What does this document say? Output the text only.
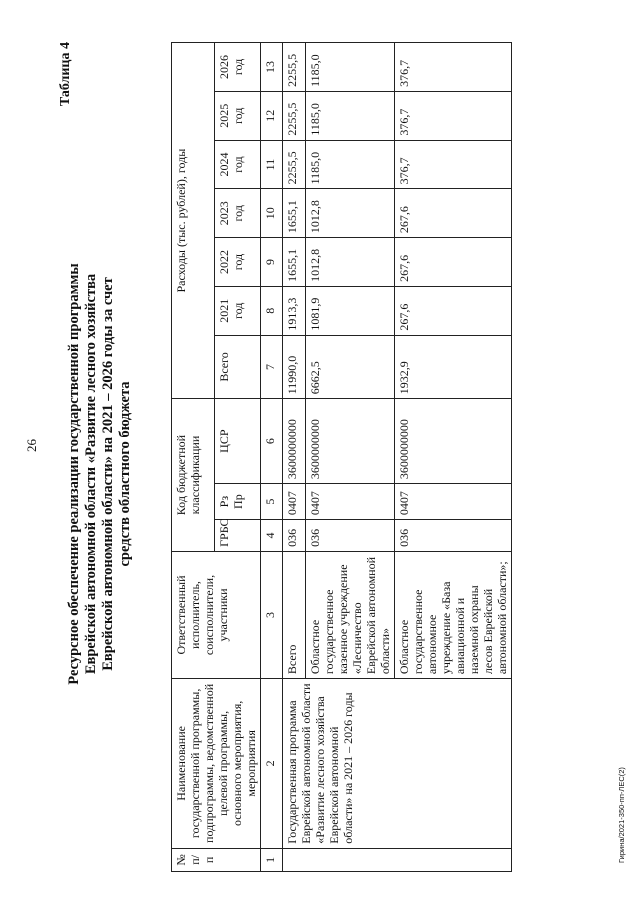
26
Гирина/2021-350-пп-ЛЕС(2)
Таблица 4
Ресурсное обеспечение реализации государственной программы Еврейской автономной области «Развитие лесного хозяйства Еврейской автономной области» на 2021 – 2026 годы за счет средств областного бюджета
№ п/п	Наименование государственной программы, подпрограммы, ведомственной целевой программы, основного мероприятия, мероприятия	Ответственный исполнитель, соисполнители, участники	Код бюджетной классификации			Расходы (тыс. рублей), годы						
			ГРБС	Рз Пр	ЦСР	Всего	2021 год	2022 год	2023 год	2024 год	2025 год	2026 год
1	2	3	4	5	6	7	8	9	10	11	12	13
	Государственная программа Еврейской автономной области «Развитие лесного хозяйства Еврейской автономной области» на 2021 – 2026 годы	Всего	036	0407	3600000000	11990,0	1913,3	1655,1	1655,1	2255,5	2255,5	2255,5
		Областное государственное казенное учреждение «Лесничество Еврейской автономной области»	036	0407	3600000000	6662,5	1081,9	1012,8	1012,8	1185,0	1185,0	1185,0
		Областное государственное автономное учреждение «База авиационной и наземной охраны лесов Еврейской автономной области»;	036	0407	3600000000	1932,9	267,6	267,6	267,6	376,7	376,7	376,7
